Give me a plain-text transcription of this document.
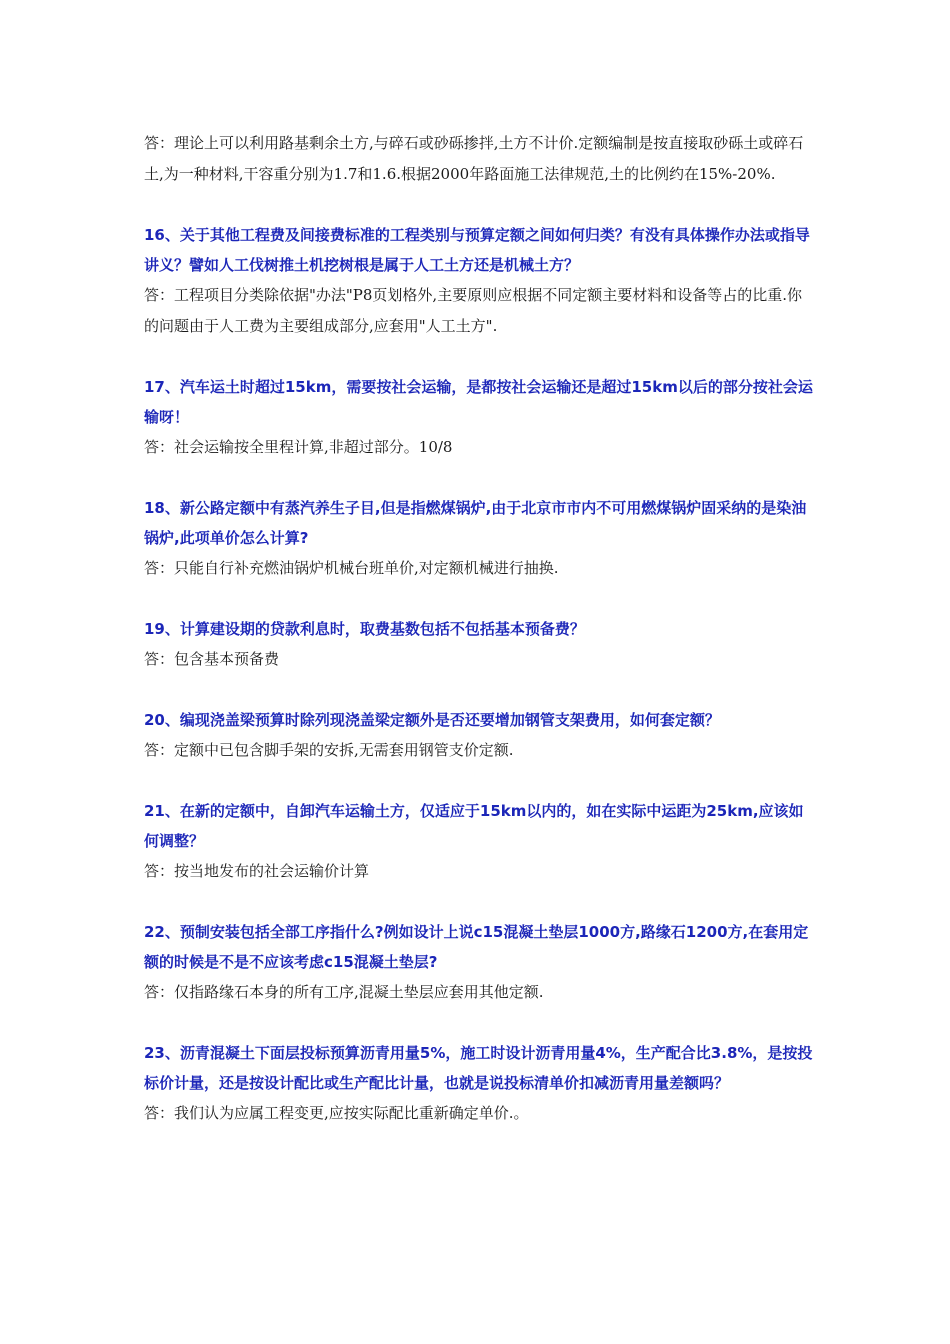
答：理论上可以利用路基剩余土方,与碎石或砂砾掺拌,土方不计价.定额编制是按直接取砂砾土或碎石土,为一种材料,干容重分别为1.7和1.6.根据2000年路面施工法律规范,土的比例约在15%-20%.

16、关于其他工程费及间接费标准的工程类别与预算定额之间如何归类？有没有具体操作办法或指导讲义？譬如人工伐树推土机挖树根是属于人工土方还是机械土方？

答：工程项目分类除依据"办法"P8页划格外,主要原则应根据不同定额主要材料和设备等占的比重.你的问题由于人工费为主要组成部分,应套用"人工土方".

17、汽车运土时超过15km，需要按社会运输，是都按社会运输还是超过15km以后的部分按社会运输呀！

答：社会运输按全里程计算,非超过部分。10/8

18、新公路定额中有蒸汽养生子目,但是指燃煤锅炉,由于北京市市内不可用燃煤锅炉固采纳的是染油锅炉,此项单价怎么计算?

答：只能自行补充燃油锅炉机械台班单价,对定额机械进行抽换.

19、计算建设期的贷款利息时，取费基数包括不包括基本预备费？

答：包含基本预备费

20、编现浇盖梁预算时除列现浇盖梁定额外是否还要增加钢管支架费用，如何套定额？

答：定额中已包含脚手架的安拆,无需套用钢管支价定额.

21、在新的定额中，自卸汽车运输土方，仅适应于15km以内的，如在实际中运距为25km,应该如何调整？

答：按当地发布的社会运输价计算

22、预制安装包括全部工序指什么?例如设计上说c15混凝土垫层1000方,路缘石1200方,在套用定额的时候是不是不应该考虑c15混凝土垫层?

答：仅指路缘石本身的所有工序,混凝土垫层应套用其他定额.

23、沥青混凝土下面层投标预算沥青用量5%，施工时设计沥青用量4%，生产配合比3.8%，是按投标价计量，还是按设计配比或生产配比计量，也就是说投标清单价扣减沥青用量差额吗？

答：我们认为应属工程变更,应按实际配比重新确定单价.。
